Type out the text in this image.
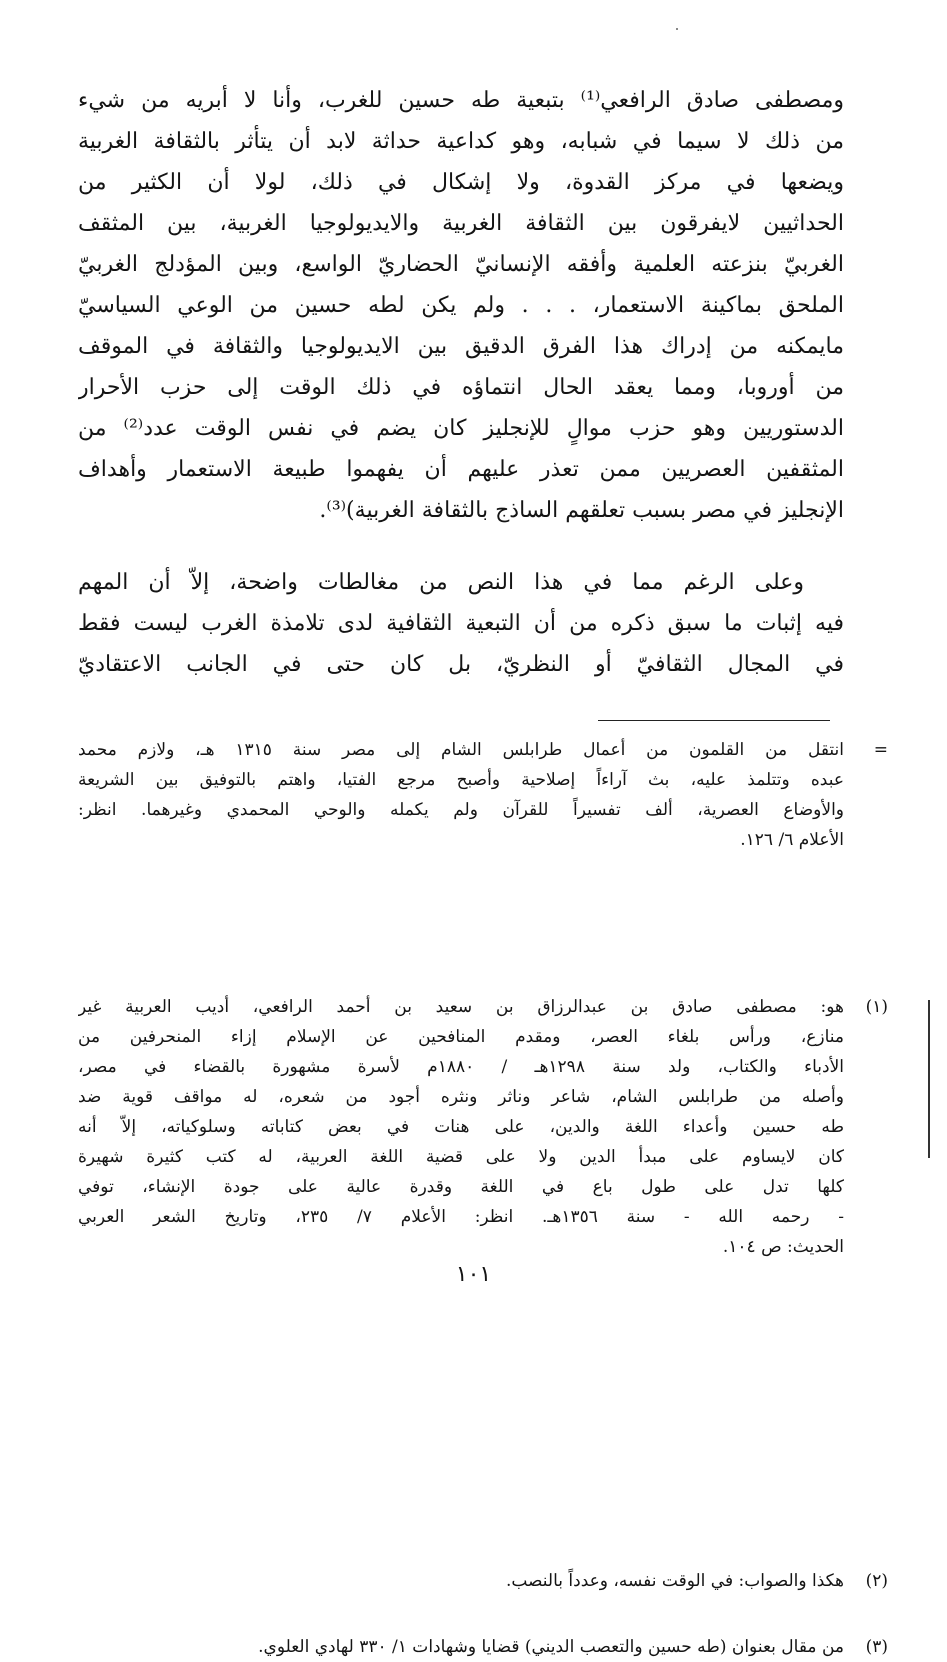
ومصطفى صادق الرافعي⁽¹⁾ بتبعية طه حسين للغرب، وأنا لا أبريه من شيء
من ذلك لا سيما في شبابه، وهو كداعية حداثة لابد أن يتأثر بالثقافة الغربية
ويضعها في مركز القدوة، ولا إشكال في ذلك، لولا أن الكثير من
الحداثيين لايفرقون بين الثقافة الغربية والايديولوجيا الغربية، بين المثقف
الغربيّ بنزعته العلمية وأفقه الإنسانيّ الحضاريّ الواسع، وبين المؤدلج الغربيّ
الملحق بماكينة الاستعمار، . . . ولم يكن لطه حسين من الوعي السياسيّ
مايمكنه من إدراك هذا الفرق الدقيق بين الايديولوجيا والثقافة في الموقف
من أوروبا، ومما يعقد الحال انتماؤه في ذلك الوقت إلى حزب الأحرار
الدستوريين وهو حزب موالٍ للإنجليز كان يضم في نفس الوقت عدد⁽²⁾ من
المثقفين العصريين ممن تعذر عليهم أن يفهموا طبيعة الاستعمار وأهداف
الإنجليز في مصر بسبب تعلقهم الساذج بالثقافة الغربية)⁽³⁾.
وعلى الرغم مما في هذا النص من مغالطات واضحة، إلاّ أن المهم
فيه إثبات ما سبق ذكره من أن التبعية الثقافية لدى تلامذة الغرب ليست فقط
في المجال الثقافيّ أو النظريّ، بل كان حتى في الجانب الاعتقاديّ
=
انتقل من القلمون من أعمال طرابلس الشام إلى مصر سنة ١٣١٥ هـ، ولازم محمد
عبده وتتلمذ عليه، بث آراءاً إصلاحية وأصبح مرجع الفتيا، واهتم بالتوفيق بين الشريعة
والأوضاع العصرية، ألف تفسيراً للقرآن ولم يكمله والوحي المحمدي وغيرهما. انظر:
الأعلام ٦/ ١٢٦.
(١)
هو: مصطفى صادق بن عبدالرزاق بن سعيد بن أحمد الرافعي، أديب العربية غير
منازع، ورأس بلغاء العصر، ومقدم المنافحين عن الإسلام إزاء المنحرفين من
الأدباء والكتاب، ولد سنة ١٢٩٨هـ / ١٨٨٠م لأسرة مشهورة بالقضاء في مصر،
وأصله من طرابلس الشام، شاعر وناثر ونثره أجود من شعره، له مواقف قوية ضد
طه حسين وأعداء اللغة والدين، على هنات في بعض كتاباته وسلوكياته، إلاّ أنه
كان لايساوم على مبدأ الدين ولا على قضية اللغة العربية، له كتب كثيرة شهيرة
كلها تدل على طول باع في اللغة وقدرة عالية على جودة الإنشاء، توفي
- رحمه الله - سنة ١٣٥٦هـ. انظر: الأعلام ٧/ ٢٣٥، وتاريخ الشعر العربي
الحديث: ص ١٠٤.
(٢)
هكذا والصواب: في الوقت نفسه، وعدداً بالنصب.
(٣)
من مقال بعنوان (طه حسين والتعصب الديني) قضايا وشهادات ١/ ٣٣٠ لهادي العلوي.
١٠١
